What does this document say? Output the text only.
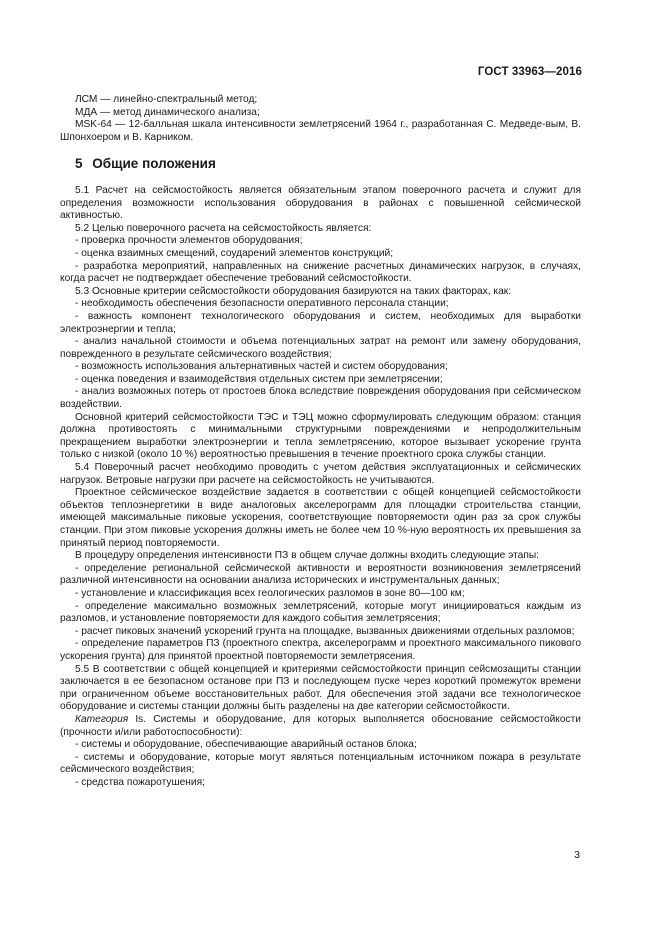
ГОСТ 33963—2016

ЛСМ — линейно-спектральный метод;

МДА — метод динамического анализа;

MSK-64 — 12-балльная шкала интенсивности землетрясений 1964 г., разработанная С. Медведе-вым, В. Шпонхоером и В. Карником.

5 Общие положения

5.1 Расчет на сейсмостойкость является обязательным этапом поверочного расчета и служит для определения возможности использования оборудования в районах с повышенной сейсмической активностью.

5.2 Целью поверочного расчета на сейсмостойкость является:

- проверка прочности элементов оборудования;

- оценка взаимных смещений, соударений элементов конструкций;

- разработка мероприятий, направленных на снижение расчетных динамических нагрузок, в случаях, когда расчет не подтверждает обеспечение требований сейсмостойкости.

5.3 Основные критерии сейсмостойкости оборудования базируются на таких факторах, как:

- необходимость обеспечения безопасности оперативного персонала станции;

- важность компонент технологического оборудования и систем, необходимых для выработки электроэнергии и тепла;

- анализ начальной стоимости и объема потенциальных затрат на ремонт или замену оборудования, поврежденного в результате сейсмического воздействия;

- возможность использования альтернативных частей и систем оборудования;

- оценка поведения и взаимодействия отдельных систем при землетрясении;

- анализ возможных потерь от простоев блока вследствие повреждения оборудования при сейсмическом воздействии.

Основной критерий сейсмостойкости ТЭС и ТЭЦ можно сформулировать следующим образом: станция должна противостоять с минимальными структурными повреждениями и непродолжительным прекращением выработки электроэнергии и тепла землетрясению, которое вызывает ускорение грунта только с низкой (около 10 %) вероятностью превышения в течение проектного срока службы станции.

5.4 Поверочный расчет необходимо проводить с учетом действия эксплуатационных и сейсмических нагрузок. Ветровые нагрузки при расчете на сейсмостойкость не учитываются.

Проектное сейсмическое воздействие задается в соответствии с общей концепцией сейсмостойкости объектов теплоэнергетики в виде аналоговых акселерограмм для площадки строительства станции, имеющей максимальные пиковые ускорения, соответствующие повторяемости один раз за срок службы станции. При этом пиковые ускорения должны иметь не более чем 10 %-ную вероятность их превышения за принятый период повторяемости.

В процедуру определения интенсивности ПЗ в общем случае должны входить следующие этапы:

- определение региональной сейсмической активности и вероятности возникновения землетрясений различной интенсивности на основании анализа исторических и инструментальных данных;

- установление и классификация всех геологических разломов в зоне 80—100 км;

- определение максимально возможных землетрясений, которые могут инициироваться каждым из разломов, и установление повторяемости для каждого события землетрясения;

- расчет пиковых значений ускорений грунта на площадке, вызванных движениями отдельных разломов;

- определение параметров ПЗ (проектного спектра, акселерограмм и проектного максимального пикового ускорения грунта) для принятой проектной повторяемости землетрясения.

5.5 В соответствии с общей концепцией и критериями сейсмостойкости принцип сейсмозащиты станции заключается в ее безопасном останове при ПЗ и последующем пуске через короткий промежуток времени при ограниченном объеме восстановительных работ. Для обеспечения этой задачи все технологическое оборудование и системы станции должны быть разделены на две категории сейсмостойкости.

Категория Is. Системы и оборудование, для которых выполняется обоснование сейсмостойкости (прочности и/или работоспособности):

- системы и оборудование, обеспечивающие аварийный останов блока;

- системы и оборудование, которые могут являться потенциальным источником пожара в результате сейсмического воздействия;

- средства пожаротушения;

3
